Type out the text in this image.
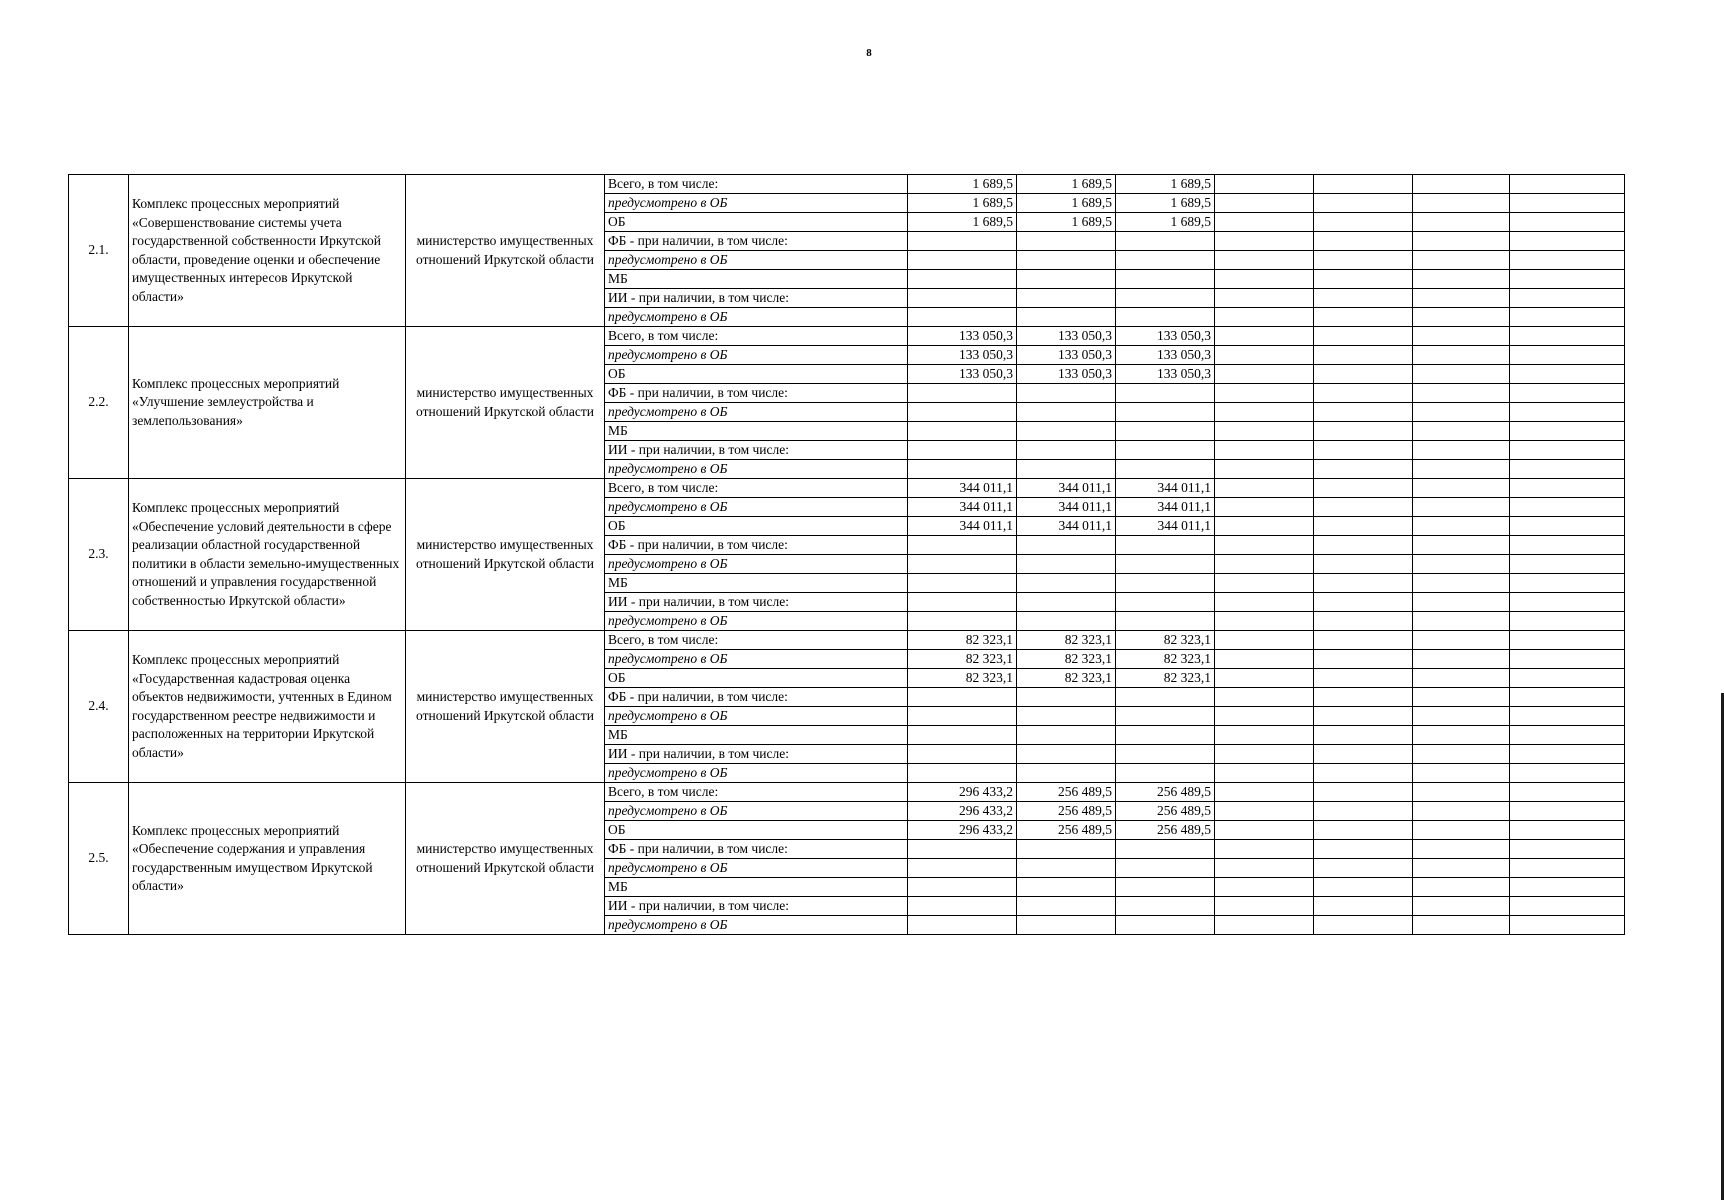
8
2.1.	Комплекс процессных мероприятий «Совершенствование системы учета государственной собственности Иркутской области, проведение оценки и обеспечение имущественных интересов Иркутской области»	министерство имущественных отношений Иркутской области	Всего, в том числе:	1 689,5	1 689,5	1 689,5				
			предусмотрено в ОБ	1 689,5	1 689,5	1 689,5				
			ОБ	1 689,5	1 689,5	1 689,5				
			ФБ - при наличии, в том числе:							
			предусмотрено в ОБ							
			МБ							
			ИИ - при наличии, в том числе:							
			предусмотрено в ОБ							
2.2.	Комплекс процессных мероприятий «Улучшение землеустройства и землепользования»	министерство имущественных отношений Иркутской области	Всего, в том числе:	133 050,3	133 050,3	133 050,3				
			предусмотрено в ОБ	133 050,3	133 050,3	133 050,3				
			ОБ	133 050,3	133 050,3	133 050,3				
			ФБ - при наличии, в том числе:							
			предусмотрено в ОБ							
			МБ							
			ИИ - при наличии, в том числе:							
			предусмотрено в ОБ							
2.3.	Комплекс процессных мероприятий «Обеспечение условий деятельности в сфере реализации областной государственной политики в области земельно-имущественных отношений и управления государственной собственностью Иркутской области»	министерство имущественных отношений Иркутской области	Всего, в том числе:	344 011,1	344 011,1	344 011,1				
			предусмотрено в ОБ	344 011,1	344 011,1	344 011,1				
			ОБ	344 011,1	344 011,1	344 011,1				
			ФБ - при наличии, в том числе:							
			предусмотрено в ОБ							
			МБ							
			ИИ - при наличии, в том числе:							
			предусмотрено в ОБ							
2.4.	Комплекс процессных мероприятий «Государственная кадастровая оценка объектов недвижимости, учтенных в Едином государственном реестре недвижимости и расположенных на территории Иркутской области»	министерство имущественных отношений Иркутской области	Всего, в том числе:	82 323,1	82 323,1	82 323,1				
			предусмотрено в ОБ	82 323,1	82 323,1	82 323,1				
			ОБ	82 323,1	82 323,1	82 323,1				
			ФБ - при наличии, в том числе:							
			предусмотрено в ОБ							
			МБ							
			ИИ - при наличии, в том числе:							
			предусмотрено в ОБ							
2.5.	Комплекс процессных мероприятий «Обеспечение содержания и управления государственным имуществом Иркутской области»	министерство имущественных отношений Иркутской области	Всего, в том числе:	296 433,2	256 489,5	256 489,5				
			предусмотрено в ОБ	296 433,2	256 489,5	256 489,5				
			ОБ	296 433,2	256 489,5	256 489,5				
			ФБ - при наличии, в том числе:							
			предусмотрено в ОБ							
			МБ							
			ИИ - при наличии, в том числе:							
			предусмотрено в ОБ							
